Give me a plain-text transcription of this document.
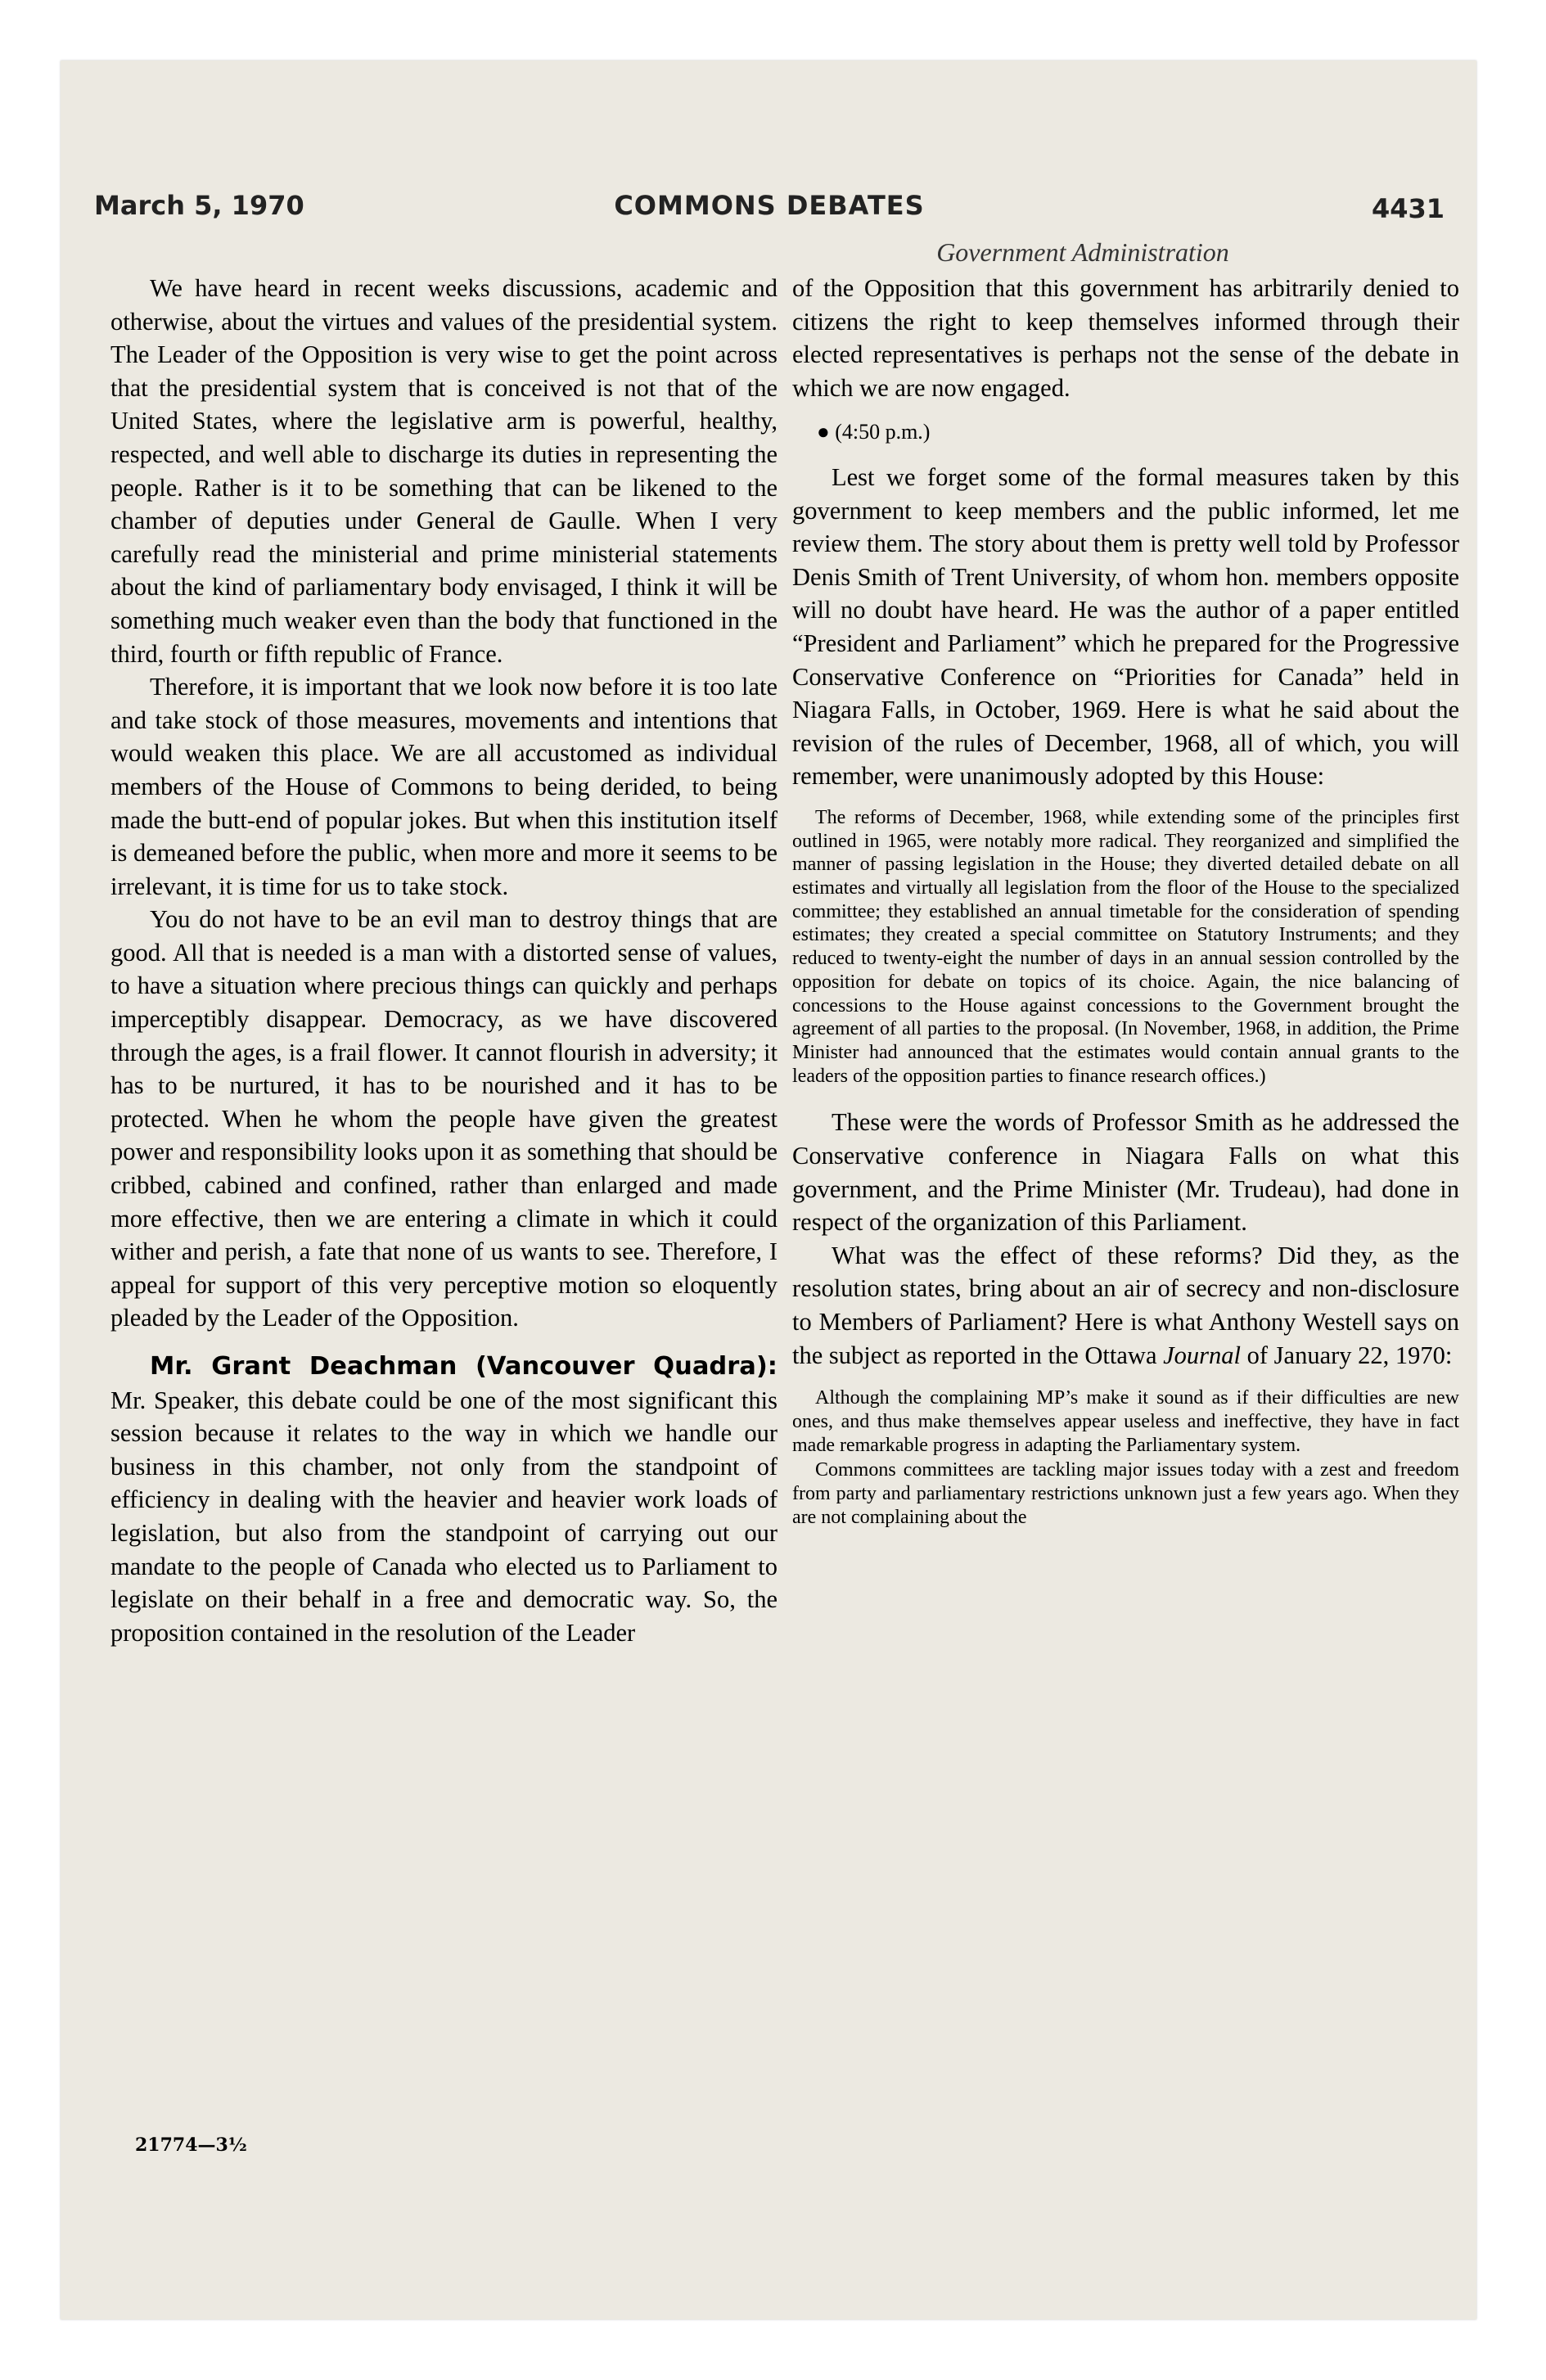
March 5, 1970	COMMONS DEBATES	4431
Government Administration

We have heard in recent weeks discussions, academic and otherwise, about the virtues and values of the presidential system. The Leader of the Opposition is very wise to get the point across that the presidential system that is conceived is not that of the United States, where the legislative arm is powerful, healthy, respected, and well able to discharge its duties in representing the people. Rather is it to be something that can be likened to the chamber of deputies under General de Gaulle. When I very carefully read the ministerial and prime ministerial statements about the kind of parliamentary body envisaged, I think it will be something much weaker even than the body that functioned in the third, fourth or fifth republic of France.

Therefore, it is important that we look now before it is too late and take stock of those measures, movements and intentions that would weaken this place. We are all accustomed as individual members of the House of Commons to being derided, to being made the butt-end of popular jokes. But when this institution itself is demeaned before the public, when more and more it seems to be irrelevant, it is time for us to take stock.

You do not have to be an evil man to destroy things that are good. All that is needed is a man with a distorted sense of values, to have a situation where precious things can quickly and perhaps imperceptibly disappear. Democracy, as we have discovered through the ages, is a frail flower. It cannot flourish in adversity; it has to be nurtured, it has to be nourished and it has to be protected. When he whom the people have given the greatest power and responsibility looks upon it as something that should be cribbed, cabined and confined, rather than enlarged and made more effective, then we are entering a climate in which it could wither and perish, a fate that none of us wants to see. Therefore, I appeal for support of this very perceptive motion so eloquently pleaded by the Leader of the Opposition.

Mr. Grant Deachman (Vancouver Quadra): Mr. Speaker, this debate could be one of the most significant this session because it relates to the way in which we handle our business in this chamber, not only from the standpoint of efficiency in dealing with the heavier and heavier work loads of legislation, but also from the standpoint of carrying out our mandate to the people of Canada who elected us to Parliament to legislate on their behalf in a free and democratic way. So, the proposition contained in the resolution of the Leader

of the Opposition that this government has arbitrarily denied to citizens the right to keep themselves informed through their elected representatives is perhaps not the sense of the debate in which we are now engaged.

● (4:50 p.m.)

Lest we forget some of the formal measures taken by this government to keep members and the public informed, let me review them. The story about them is pretty well told by Professor Denis Smith of Trent University, of whom hon. members opposite will no doubt have heard. He was the author of a paper entitled “President and Parliament” which he prepared for the Progressive Conservative Conference on “Priorities for Canada” held in Niagara Falls, in October, 1969. Here is what he said about the revision of the rules of December, 1968, all of which, you will remember, were unanimously adopted by this House:

The reforms of December, 1968, while extending some of the principles first outlined in 1965, were notably more radical. They reorganized and simplified the manner of passing legislation in the House; they diverted detailed debate on all estimates and virtually all legislation from the floor of the House to the specialized committee; they established an annual timetable for the consideration of spending estimates; they created a special committee on Statutory Instruments; and they reduced to twenty-eight the number of days in an annual session controlled by the opposition for debate on topics of its choice. Again, the nice balancing of concessions to the House against concessions to the Government brought the agreement of all parties to the proposal. (In November, 1968, in addition, the Prime Minister had announced that the estimates would contain annual grants to the leaders of the opposition parties to finance research offices.)

These were the words of Professor Smith as he addressed the Conservative conference in Niagara Falls on what this government, and the Prime Minister (Mr. Trudeau), had done in respect of the organization of this Parliament.

What was the effect of these reforms? Did they, as the resolution states, bring about an air of secrecy and non-disclosure to Members of Parliament? Here is what Anthony Westell says on the subject as reported in the Ottawa Journal of January 22, 1970:

Although the complaining MP’s make it sound as if their difficulties are new ones, and thus make themselves appear useless and ineffective, they have in fact made remarkable progress in adapting the Parliamentary system.
Commons committees are tackling major issues today with a zest and freedom from party and parliamentary restrictions unknown just a few years ago. When they are not complaining about the
21774—3½
